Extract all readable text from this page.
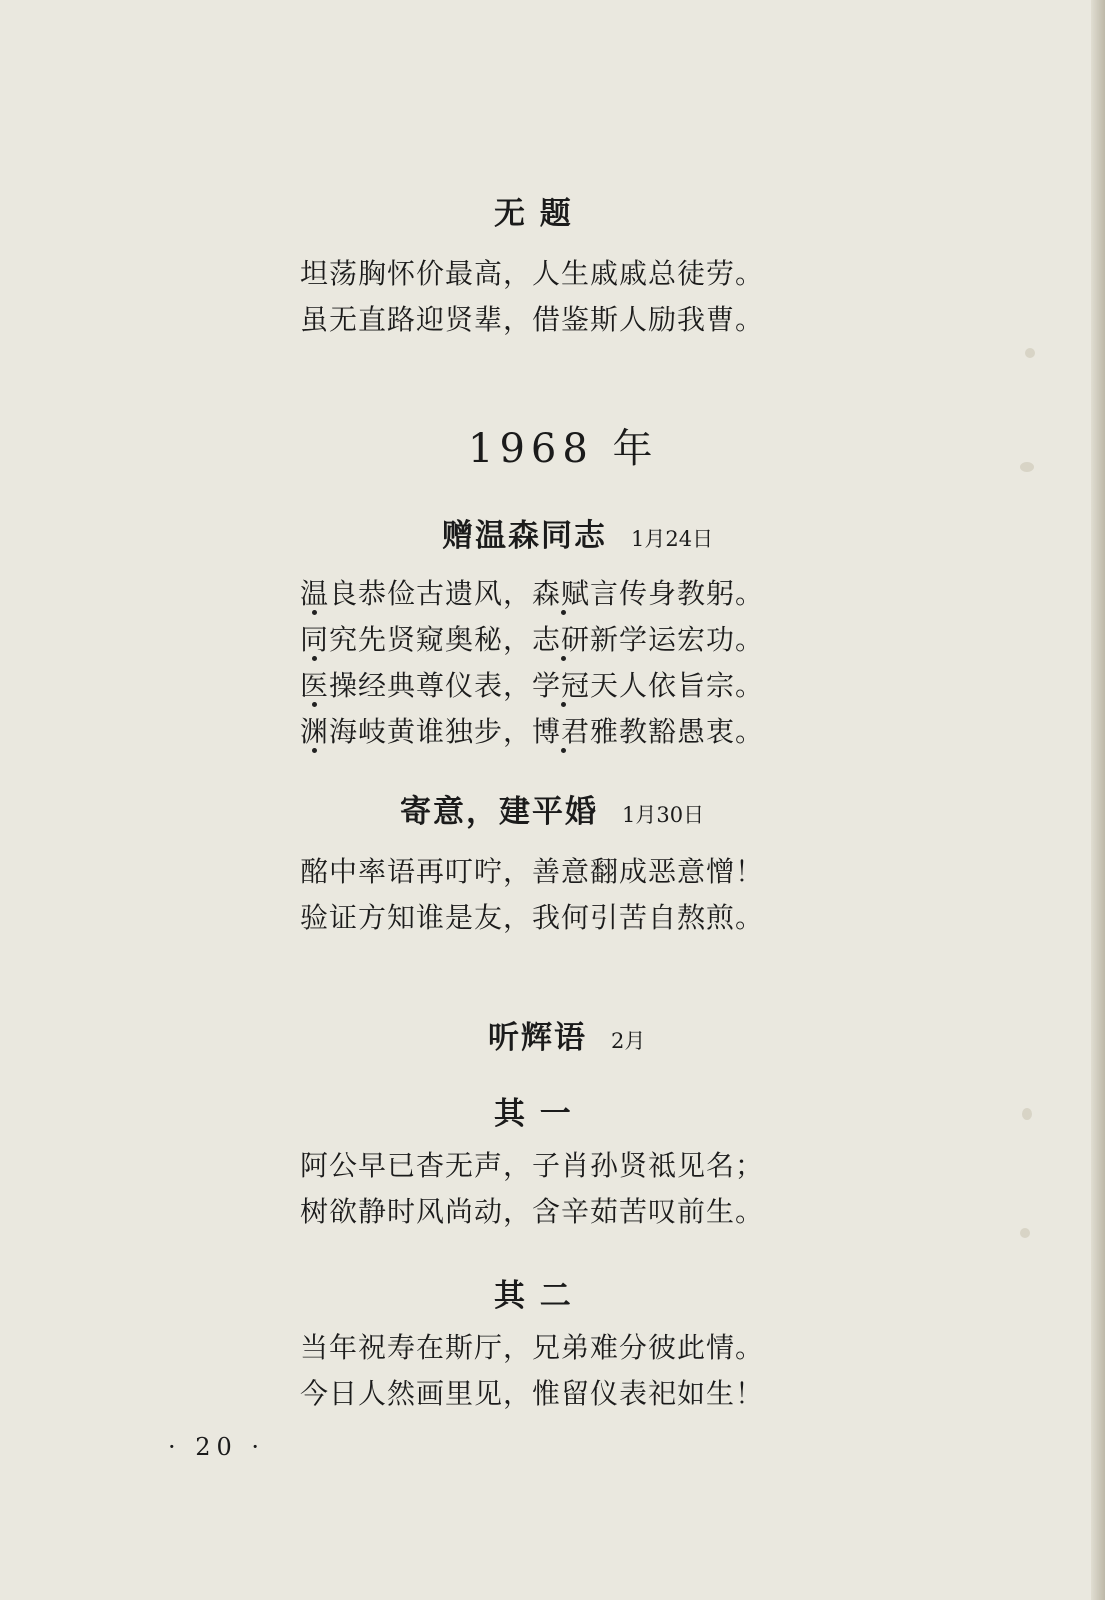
无 题
坦荡胸怀价最高，人生戚戚总徒劳。
虽无直路迎贤辈，借鉴斯人励我曹。
1968 年
赠温森同志 1月24日
温良恭俭古遗风，森赋言传身教躬。
同究先贤窥奥秘，志研新学运宏功。
医操经典尊仪表，学冠天人依旨宗。
渊海岐黄谁独步，博君雅教豁愚衷。
寄意，建平婚 1月30日
酩中率语再叮咛，善意翻成恶意憎！
验证方知谁是友，我何引苦自熬煎。
听辉语 2月
其 一
阿公早已杳无声，子肖孙贤祗见名；
树欲静时风尚动，含辛茹苦叹前生。
其 二
当年祝寿在斯厅，兄弟难分彼此情。
今日人然画里见，惟留仪表祀如生！
· 20 ·
